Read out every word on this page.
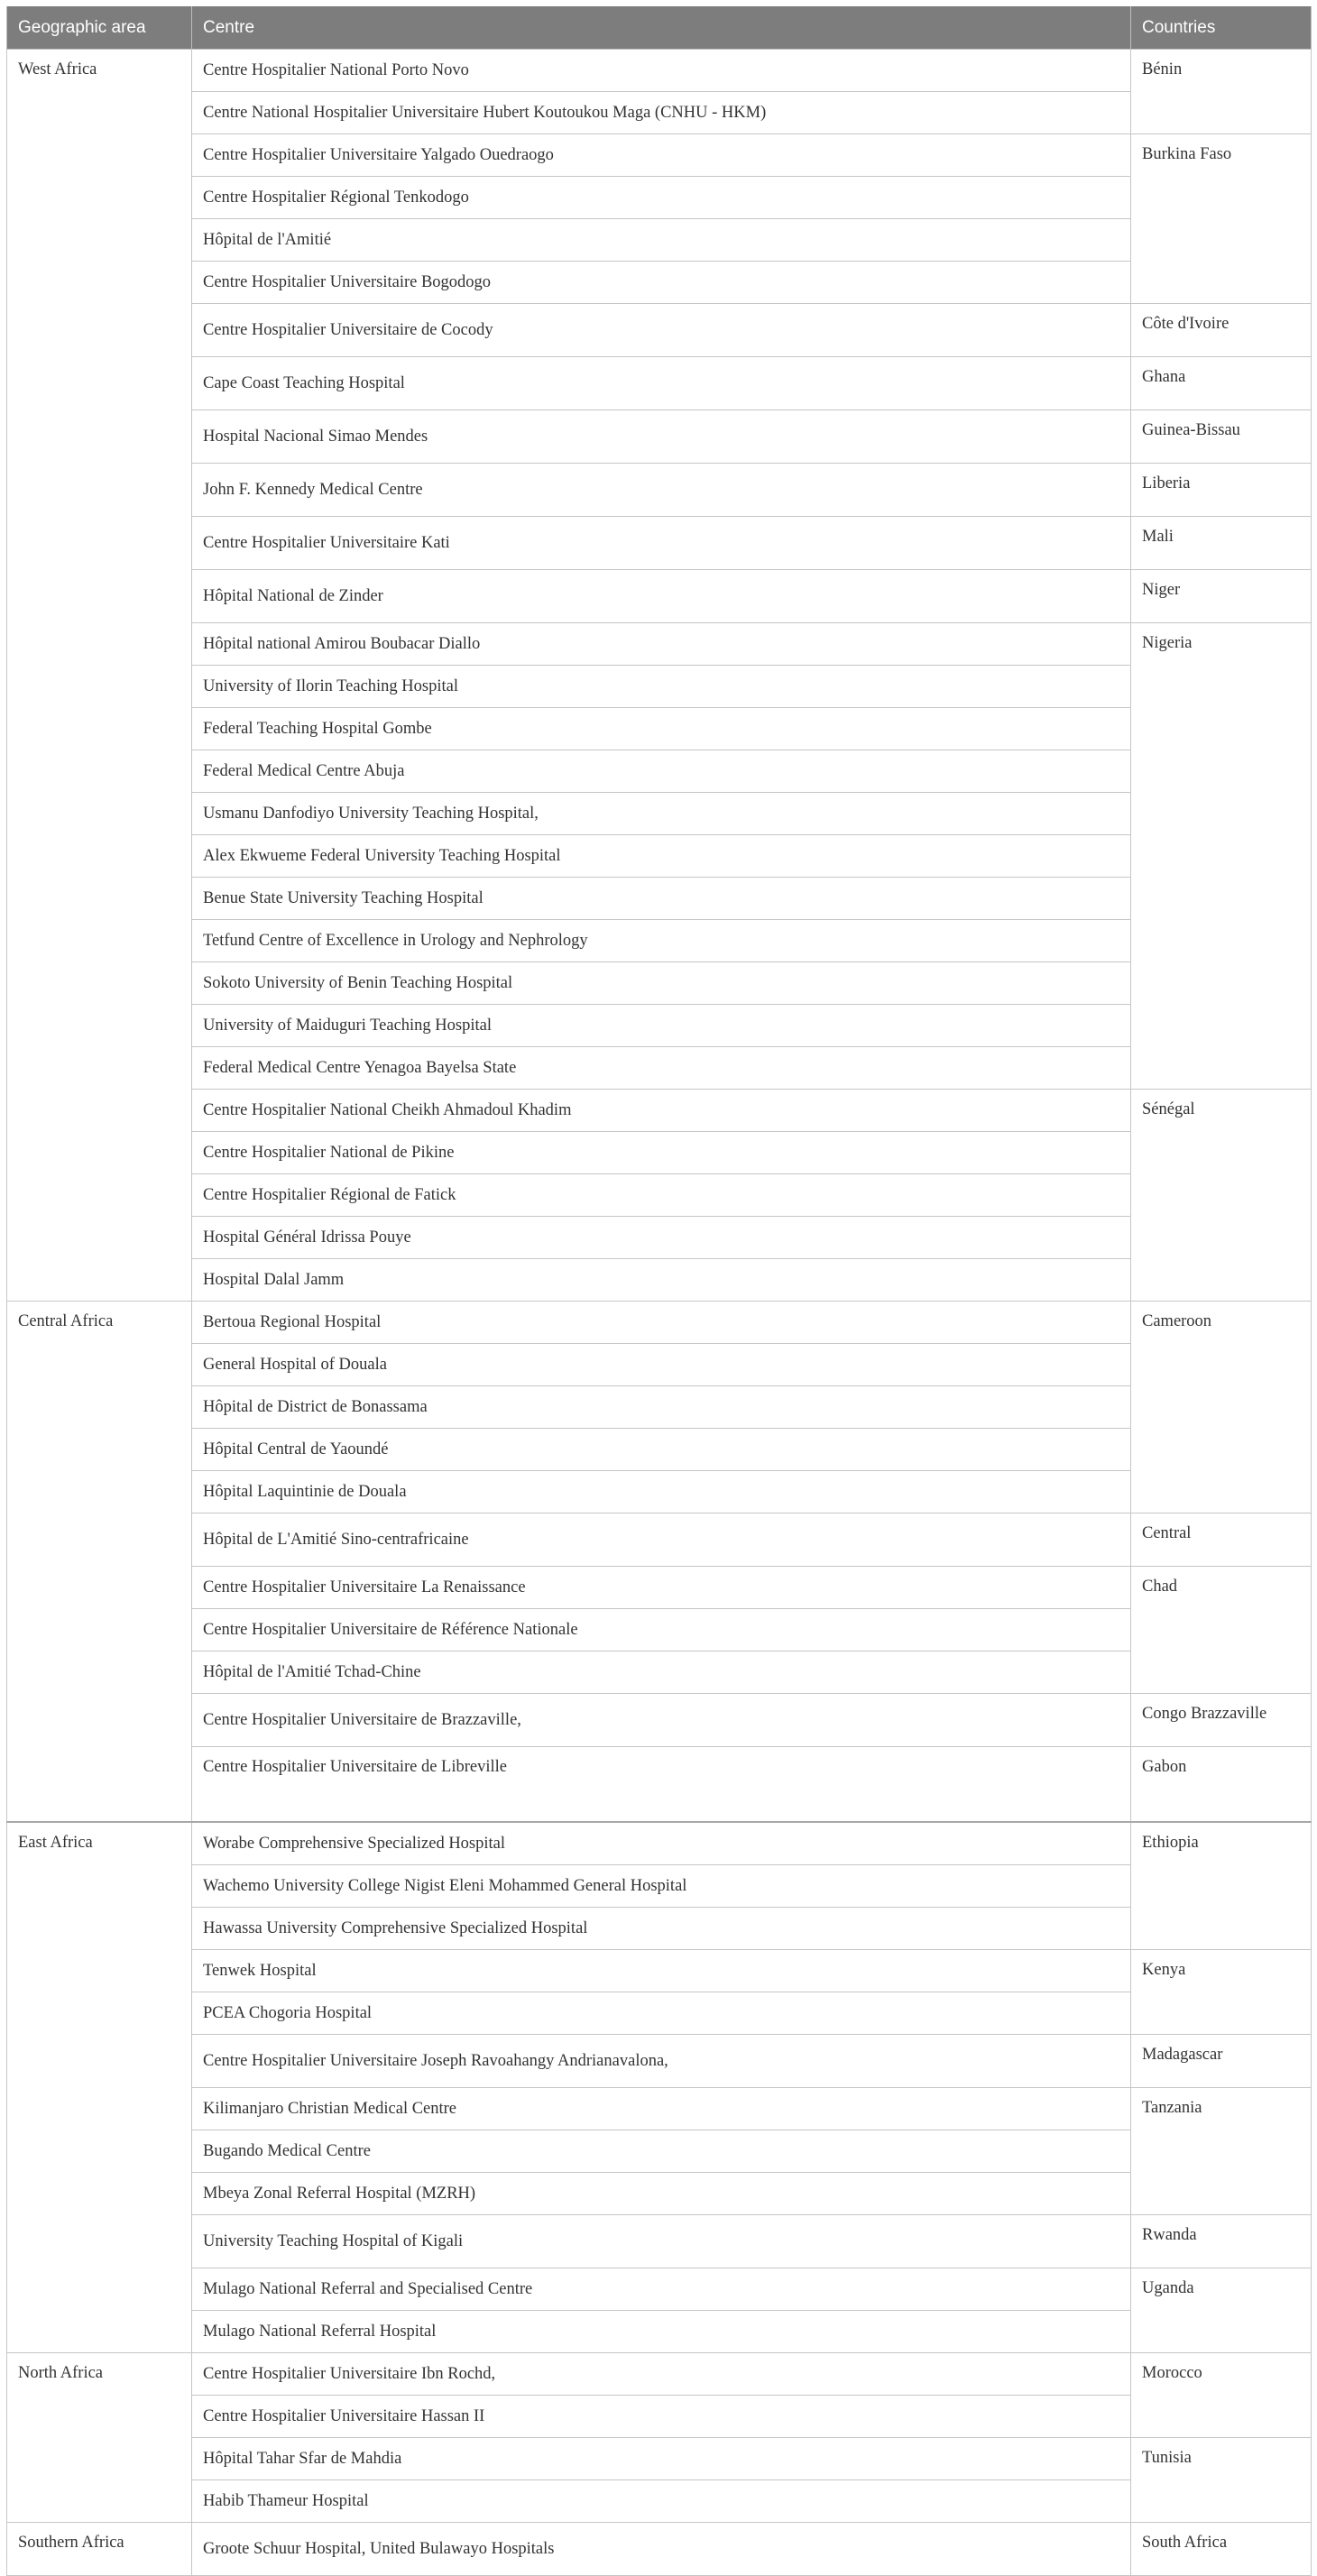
Geographic area	Centre	Countries
West Africa	Centre Hospitalier National Porto Novo	Bénin
	Centre National Hospitalier Universitaire Hubert Koutoukou Maga (CNHU - HKM)	
	Centre Hospitalier Universitaire Yalgado Ouedraogo	Burkina Faso
	Centre Hospitalier Régional Tenkodogo	
	Hôpital de l'Amitié	
	Centre Hospitalier Universitaire Bogodogo	
	Centre Hospitalier Universitaire de Cocody	Côte d'Ivoire
	Cape Coast Teaching Hospital	Ghana
	Hospital Nacional Simao Mendes	Guinea-Bissau
	John F. Kennedy Medical Centre	Liberia
	Centre Hospitalier Universitaire Kati	Mali
	Hôpital National de Zinder	Niger
	Hôpital national Amirou Boubacar Diallo	Nigeria
	University of Ilorin Teaching Hospital	
	Federal Teaching Hospital Gombe	
	Federal Medical Centre Abuja	
	Usmanu Danfodiyo University Teaching Hospital,	
	Alex Ekwueme Federal University Teaching Hospital	
	Benue State University Teaching Hospital	
	Tetfund Centre of Excellence in Urology and Nephrology	
	Sokoto University of Benin Teaching Hospital	
	University of Maiduguri Teaching Hospital	
	Federal Medical Centre Yenagoa Bayelsa State	
	Centre Hospitalier National Cheikh Ahmadoul Khadim	Sénégal
	Centre Hospitalier National de Pikine	
	Centre Hospitalier Régional de Fatick	
	Hospital Général Idrissa Pouye	
	Hospital Dalal Jamm	
Central Africa	Bertoua Regional Hospital	Cameroon
	General Hospital of Douala	
	Hôpital de District de Bonassama	
	Hôpital Central de Yaoundé	
	Hôpital Laquintinie de Douala	
	Hôpital de L'Amitié Sino-centrafricaine	Central
	Centre Hospitalier Universitaire La Renaissance	Chad
	Centre Hospitalier Universitaire de Référence Nationale	
	Hôpital de l'Amitié Tchad-Chine	
	Centre Hospitalier Universitaire de Brazzaville,	Congo Brazzaville
	Centre Hospitalier Universitaire de Libreville	Gabon
East Africa	Worabe Comprehensive Specialized Hospital	Ethiopia
	Wachemo University College Nigist Eleni Mohammed General Hospital	
	Hawassa University Comprehensive Specialized Hospital	
	Tenwek Hospital	Kenya
	PCEA Chogoria Hospital	
	Centre Hospitalier Universitaire Joseph Ravoahangy Andrianavalona,	Madagascar
	Kilimanjaro Christian Medical Centre	Tanzania
	Bugando Medical Centre	
	Mbeya Zonal Referral Hospital (MZRH)	
	University Teaching Hospital of Kigali	Rwanda
	Mulago National Referral and Specialised Centre	Uganda
	Mulago National Referral Hospital	
North Africa	Centre Hospitalier Universitaire Ibn Rochd,	Morocco
	Centre Hospitalier Universitaire Hassan II	
	Hôpital Tahar Sfar de Mahdia	Tunisia
	Habib Thameur Hospital	
Southern Africa	Groote Schuur Hospital, United Bulawayo Hospitals	South Africa
